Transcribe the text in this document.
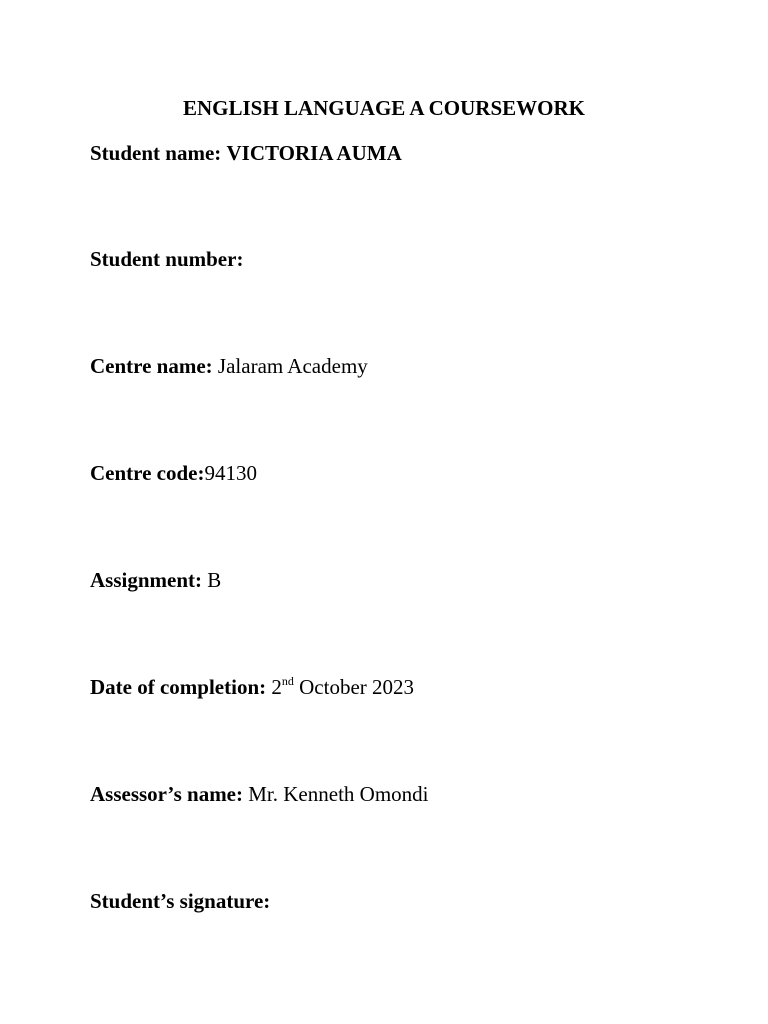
ENGLISH LANGUAGE A COURSEWORK
Student name: VICTORIA AUMA
Student number:
Centre name: Jalaram Academy
Centre code:94130
Assignment: B
Date of completion: 2nd October 2023
Assessor’s name: Mr. Kenneth Omondi
Student’s signature:
